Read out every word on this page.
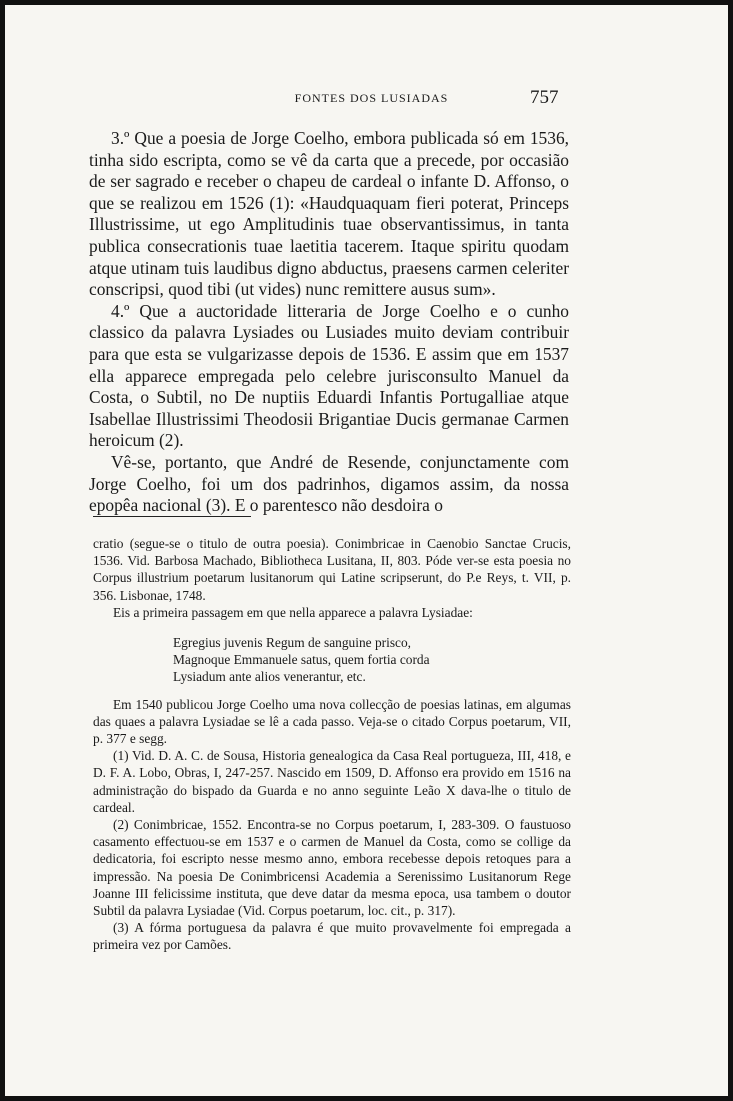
FONTES DOS LUSIADAS	757

3.º Que a poesia de Jorge Coelho, embora publicada só em 1536, tinha sido escripta, como se vê da carta que a precede, por occasião de ser sagrado e receber o chapeu de cardeal o infante D. Affonso, o que se realizou em 1526 (1): «Haudquaquam fieri poterat, Princeps Illustrissime, ut ego Amplitudinis tuae observantissimus, in tanta publica consecrationis tuae laetitia tacerem. Itaque spiritu quodam atque utinam tuis laudibus digno abductus, praesens carmen celeriter conscripsi, quod tibi (ut vides) nunc remittere ausus sum».

4.º Que a auctoridade litteraria de Jorge Coelho e o cunho classico da palavra Lysiades ou Lusiades muito deviam contribuir para que esta se vulgarizasse depois de 1536. E assim que em 1537 ella apparece empregada pelo celebre jurisconsulto Manuel da Costa, o Subtil, no De nuptiis Eduardi Infantis Portugalliae atque Isabellae Illustrissimi Theodosii Brigantiae Ducis germanae Carmen heroicum (2).

Vê-se, portanto, que André de Resende, conjunctamente com Jorge Coelho, foi um dos padrinhos, digamos assim, da nossa epopêa nacional (3). E o parentesco não desdoira o

cratio (segue-se o titulo de outra poesia). Conimbricae in Caenobio Sanctae Crucis, 1536. Vid. Barbosa Machado, Bibliotheca Lusitana, II, 803. Póde ver-se esta poesia no Corpus illustrium poetarum lusitanorum qui Latine scripserunt, do P.e Reys, t. VII, p. 356. Lisbonae, 1748.

Eis a primeira passagem em que nella apparece a palavra Lysiadae:

Egregius juvenis Regum de sanguine prisco,
Magnoque Emmanuele satus, quem fortia corda
Lysiadum ante alios venerantur, etc.

Em 1540 publicou Jorge Coelho uma nova collecção de poesias latinas, em algumas das quaes a palavra Lysiadae se lê a cada passo. Veja-se o citado Corpus poetarum, VII, p. 377 e segg.

(1) Vid. D. A. C. de Sousa, Historia genealogica da Casa Real portugueza, III, 418, e D. F. A. Lobo, Obras, I, 247-257. Nascido em 1509, D. Affonso era provido em 1516 na administração do bispado da Guarda e no anno seguinte Leão X dava-lhe o titulo de cardeal.

(2) Conimbricae, 1552. Encontra-se no Corpus poetarum, I, 283-309. O faustuoso casamento effectuou-se em 1537 e o carmen de Manuel da Costa, como se collige da dedicatoria, foi escripto nesse mesmo anno, embora recebesse depois retoques para a impressão. Na poesia De Conimbricensi Academia a Serenissimo Lusitanorum Rege Joanne III felicissime instituta, que deve datar da mesma epoca, usa tambem o doutor Subtil da palavra Lysiadae (Vid. Corpus poetarum, loc. cit., p. 317).

(3) A fórma portuguesa da palavra é que muito provavelmente foi empregada a primeira vez por Camões.
